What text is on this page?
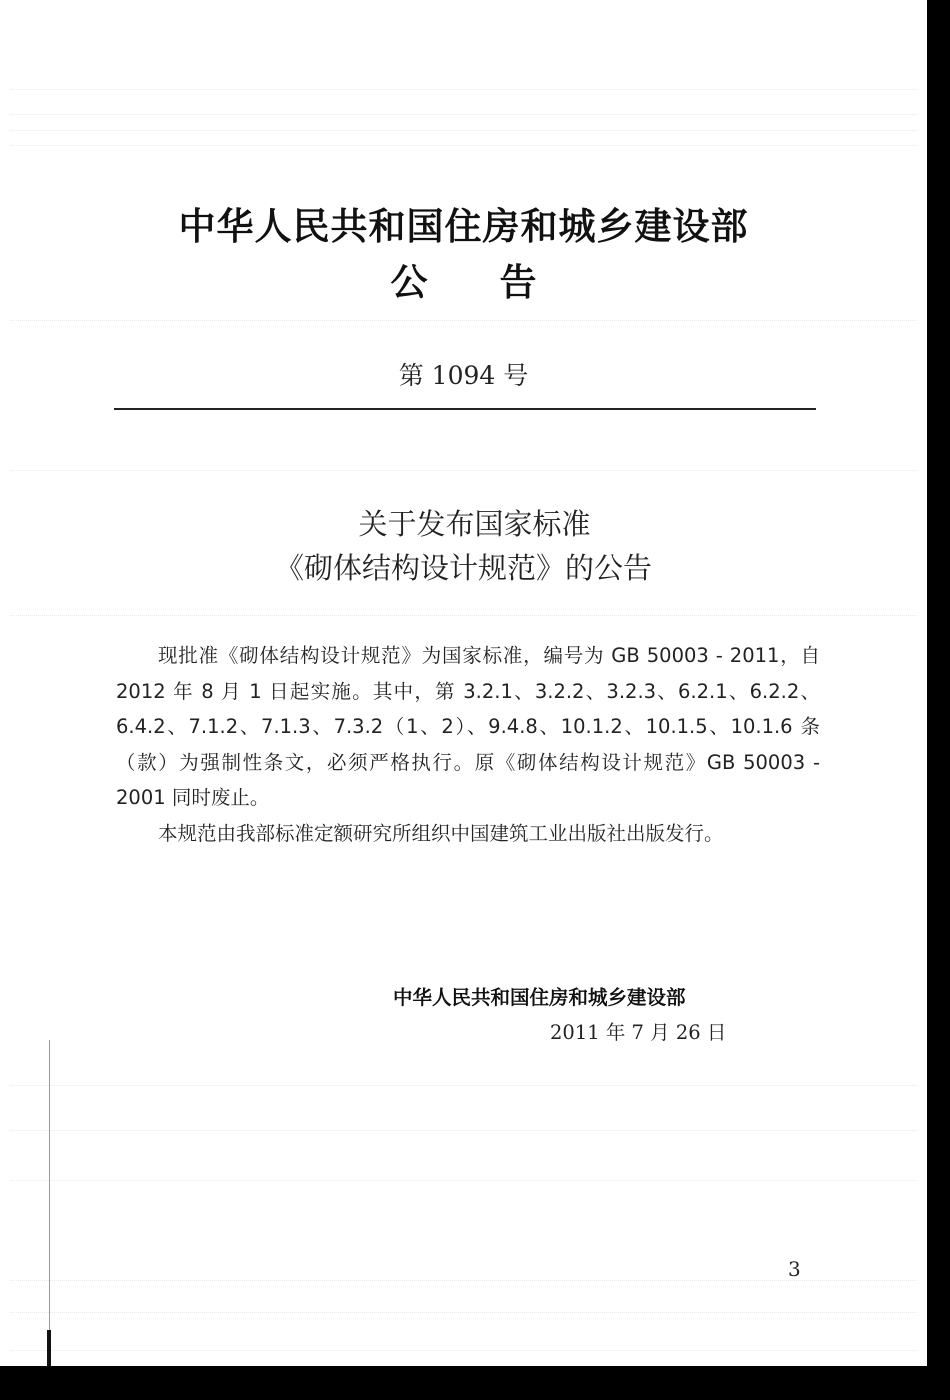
中华人民共和国住房和城乡建设部
公 告
第 1094 号
关于发布国家标准
《砌体结构设计规范》的公告

现批准《砌体结构设计规范》为国家标准，编号为 GB 50003 - 2011，自 2012 年 8 月 1 日起实施。其中，第 3.2.1、3.2.2、3.2.3、6.2.1、6.2.2、6.4.2、7.1.2、7.1.3、7.3.2（1、2）、9.4.8、10.1.2、10.1.5、10.1.6 条（款）为强制性条文，必须严格执行。原《砌体结构设计规范》GB 50003 - 2001 同时废止。

本规范由我部标准定额研究所组织中国建筑工业出版社出版发行。

中华人民共和国住房和城乡建设部
2011 年 7 月 26 日
3
